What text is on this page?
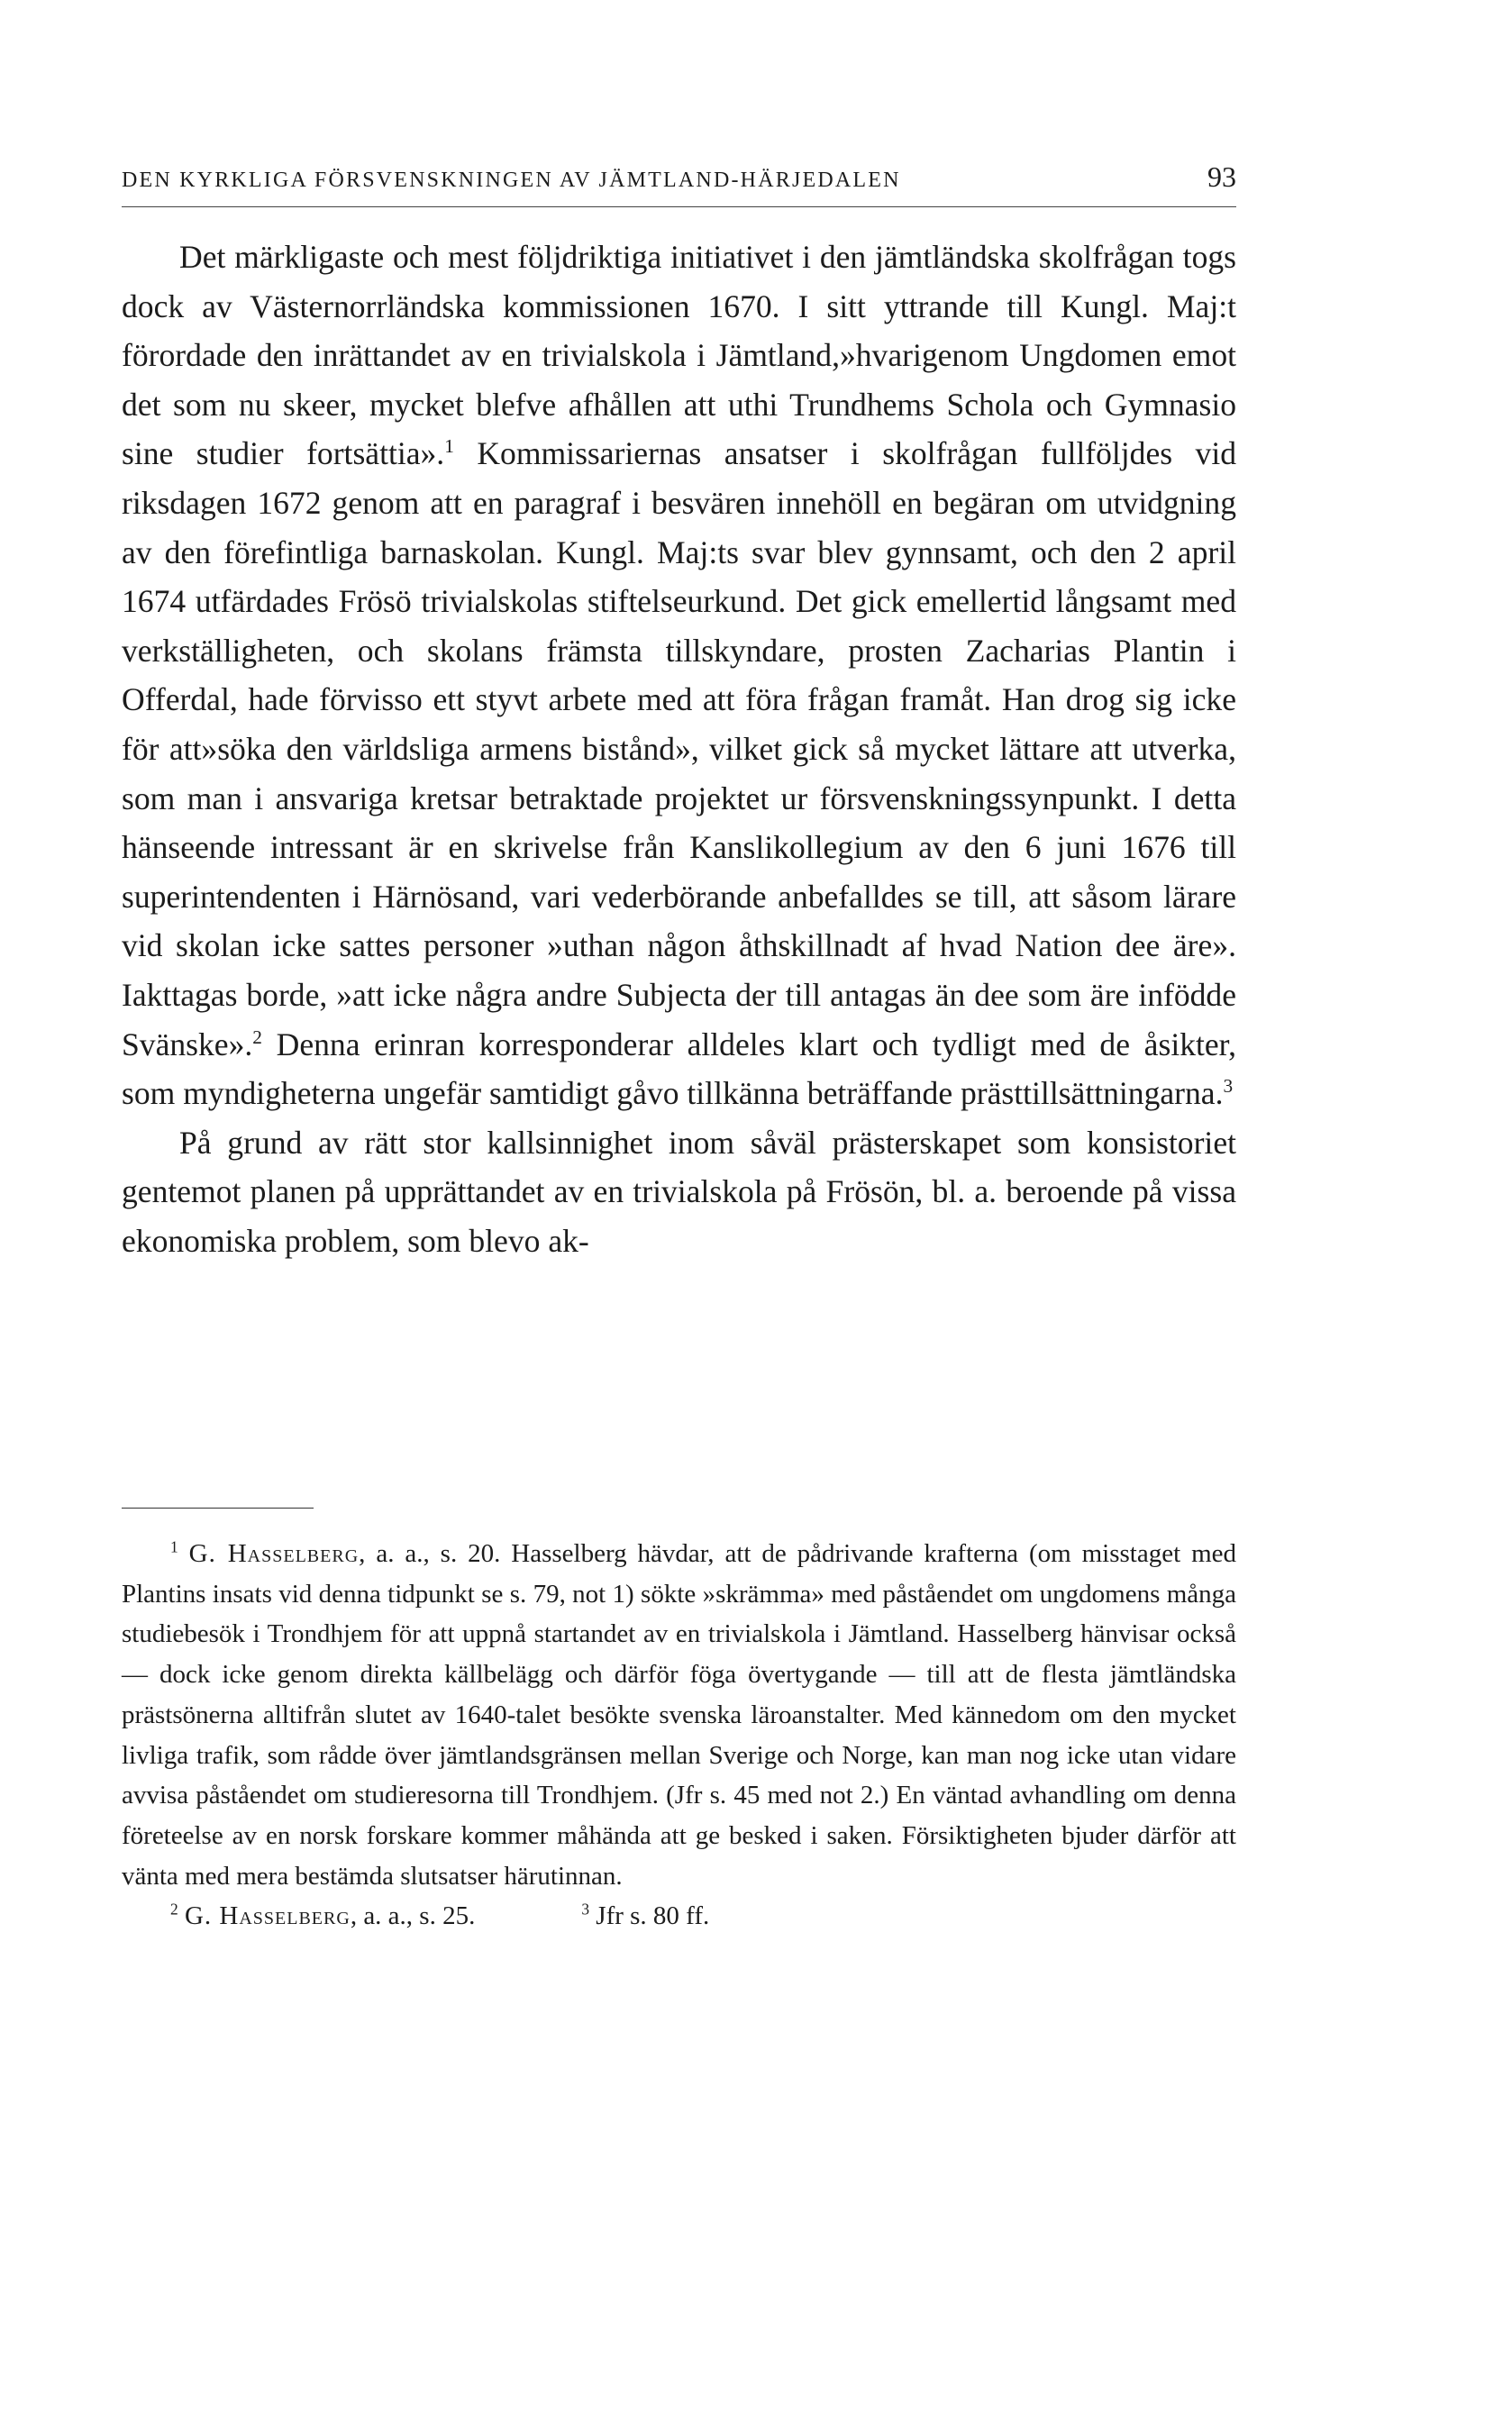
DEN KYRKLIGA FÖRSVENSKNINGEN AV JÄMTLAND-HÄRJEDALEN	93

Det märkligaste och mest följdriktiga initiativet i den jämtländska skolfrågan togs dock av Västernorrländska kommissionen 1670. I sitt yttrande till Kungl. Maj:t förordade den inrättandet av en trivialskola i Jämtland,»hvarigenom Ungdomen emot det som nu skeer, mycket blefve afhållen att uthi Trundhems Schola och Gymnasio sine studier fortsättia».$^1$ Kommissariernas ansatser i skolfrågan fullföljdes vid riksdagen 1672 genom att en paragraf i besvären innehöll en begäran om utvidgning av den förefintliga barnaskolan. Kungl. Maj:ts svar blev gynnsamt, och den 2 april 1674 utfärdades Frösö trivialskolas stiftelseurkund. Det gick emellertid långsamt med verkställigheten, och skolans främsta tillskyndare, prosten Zacharias Plantin i Offerdal, hade förvisso ett styvt arbete med att föra frågan framåt. Han drog sig icke för att»söka den världsliga armens bistånd», vilket gick så mycket lättare att utverka, som man i ansvariga kretsar betraktade projektet ur försvenskningssynpunkt. I detta hänseende intressant är en skrivelse från Kanslikollegium av den 6 juni 1676 till superintendenten i Härnösand, vari vederbörande anbefalldes se till, att såsom lärare vid skolan icke sattes personer »uthan någon åthskillnadt af hvad Nation dee äre». Iakttagas borde, »att icke några andre Subjecta der till antagas än dee som äre infödde Svänske».$^2$ Denna erinran korresponderar alldeles klart och tydligt med de åsikter, som myndigheterna ungefär samtidigt gåvo tillkänna beträffande prästtillsättningarna.$^3$

På grund av rätt stor kallsinnighet inom såväl prästerskapet som konsistoriet gentemot planen på upprättandet av en trivialskola på Frösön, bl. a. beroende på vissa ekonomiska problem, som blevo ak-

$^1$ G. Hasselberg, a. a., s. 20. Hasselberg hävdar, att de pådrivande krafterna (om misstaget med Plantins insats vid denna tidpunkt se s. 79, not 1) sökte »skrämma» med påståendet om ungdomens många studiebesök i Trondhjem för att uppnå startandet av en trivialskola i Jämtland. Hasselberg hänvisar också — dock icke genom direkta källbelägg och därför föga övertygande — till att de flesta jämtländska prästsönerna alltifrån slutet av 1640-talet besökte svenska läroanstalter. Med kännedom om den mycket livliga trafik, som rådde över jämtlandsgränsen mellan Sverige och Norge, kan man nog icke utan vidare avvisa påståendet om studieresorna till Trondhjem. (Jfr s. 45 med not 2.) En väntad avhandling om denna företeelse av en norsk forskare kommer måhända att ge besked i saken. Försiktigheten bjuder därför att vänta med mera bestämda slutsatser härutinnan.

$^2$ G. Hasselberg, a. a., s. 25.	$^3$ Jfr s. 80 ff.
